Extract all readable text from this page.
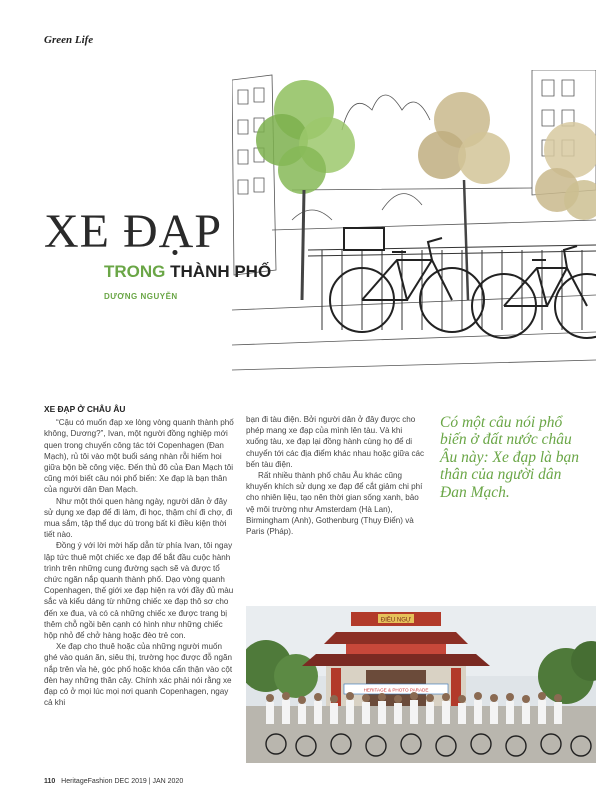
Green Life
XE ĐẠP
TRONG THÀNH PHỐ
DƯƠNG NGUYỄN
XE ĐẠP Ở CHÂU ÂU

“Cậu có muốn đạp xe lòng vòng quanh thành phố không, Dương?”, Ivan, một người đồng nghiệp mới quen trong chuyến công tác tới Copenhagen (Đan Mạch), rủ tôi vào một buổi sáng nhàn rỗi hiếm hoi giữa bộn bề công việc. Đến thủ đô của Đan Mạch tôi cũng mới biết câu nói phổ biến: Xe đạp là bạn thân của người dân Đan Mạch.

Như một thói quen hàng ngày, người dân ở đây sử dụng xe đạp để đi làm, đi học, thậm chí đi chợ, đi mua sắm, tập thể dục dù trong bất kì điều kiện thời tiết nào.

Đồng ý với lời mời hấp dẫn từ phía Ivan, tôi ngay lập tức thuê một chiếc xe đạp để bắt đầu cuộc hành trình trên những cung đường sạch sẽ và được tổ chức ngăn nắp quanh thành phố. Dạo vòng quanh Copenhagen, thế giới xe đạp hiện ra với đầy đủ màu sắc và kiểu dáng từ những chiếc xe đạp thô sơ cho đến xe đua, và có cả những chiếc xe được trang bị thêm chỗ ngồi bên cạnh có hình như những chiếc hộp nhỏ để chở hàng hoặc đèo trẻ con.

Xe đạp cho thuê hoặc của những người muốn ghé vào quán ăn, siêu thị, trường học được đỗ ngăn nắp trên vỉa hè, góc phố hoặc khóa cẩn thận vào cột đèn hay những thân cây. Chính xác phải nói rằng xe đạp có ở mọi lúc mọi nơi quanh Copenhagen, ngay cả khi

bạn đi tàu điện. Bởi người dân ở đây được cho phép mang xe đạp của mình lên tàu. Và khi xuống tàu, xe đạp lại đồng hành cùng họ để di chuyển tới các địa điểm khác nhau hoặc giữa các bến tàu điện.

Rất nhiều thành phố châu Âu khác cũng khuyến khích sử dụng xe đạp để cắt giảm chi phí cho nhiên liệu, tạo nên thời gian sống xanh, bảo vệ môi trường như Amsterdam (Hà Lan), Birmingham (Anh), Gothenburg (Thụy Điển) và Paris (Pháp).

Có một câu nói phổ biến ở đất nước châu Âu này: Xe đạp là bạn thân của người dân Đan Mạch.
ĐIỀU NGỰ
HERITAGE & PHOTO PARADE
110 HeritageFashion DEC 2019 | JAN 2020
